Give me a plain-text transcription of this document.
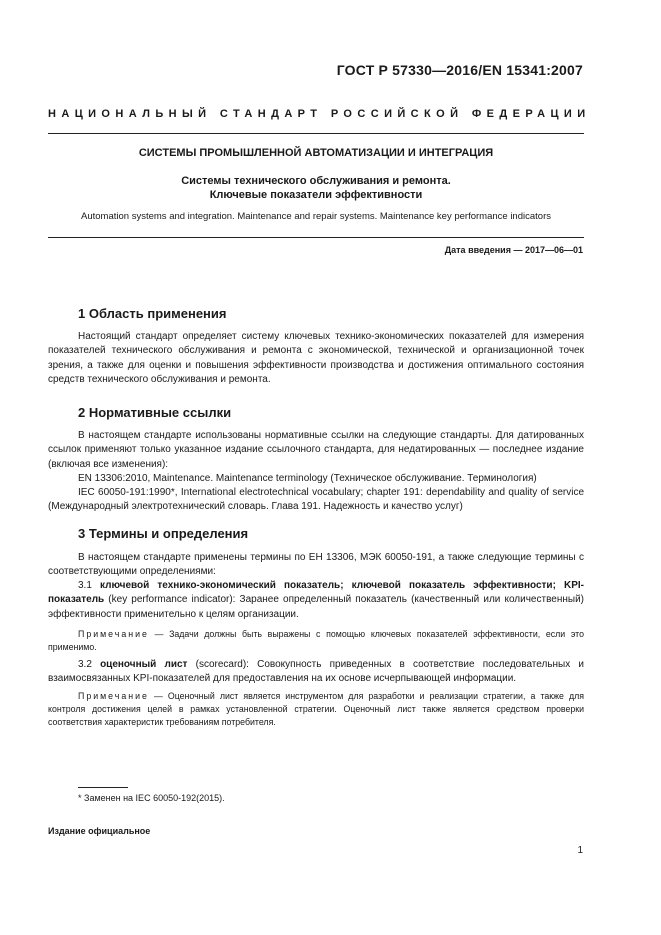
ГОСТ Р 57330—2016/EN 15341:2007
НАЦИОНАЛЬНЫЙ СТАНДАРТ РОССИЙСКОЙ ФЕДЕРАЦИИ
СИСТЕМЫ ПРОМЫШЛЕННОЙ АВТОМАТИЗАЦИИ И ИНТЕГРАЦИЯ
Системы технического обслуживания и ремонта.
Ключевые показатели эффективности
Automation systems and integration. Maintenance and repair systems. Maintenance key performance indicators
Дата введения — 2017—06—01
1 Область применения

Настоящий стандарт определяет систему ключевых технико-экономических показателей для измерения показателей технического обслуживания и ремонта с экономической, технической и организационной точек зрения, а также для оценки и повышения эффективности производства и достижения оптимального состояния средств технического обслуживания и ремонта.

2 Нормативные ссылки

В настоящем стандарте использованы нормативные ссылки на следующие стандарты. Для датированных ссылок применяют только указанное издание ссылочного стандарта, для недатированных — последнее издание (включая все изменения):

EN 13306:2010, Maintenance. Maintenance terminology (Техническое обслуживание. Терминология)

IEC 60050-191:1990*, International electrotechnical vocabulary; chapter 191: dependability and quality of service (Международный электротехнический словарь. Глава 191. Надежность и качество услуг)

3 Термины и определения

В настоящем стандарте применены термины по ЕН 13306, МЭК 60050-191, а также следующие термины с соответствующими определениями:

3.1 ключевой технико-экономический показатель; ключевой показатель эффективности; KPI-показатель (key performance indicator): Заранее определенный показатель (качественный или количественный) эффективности применительно к целям организации.

Примечание — Задачи должны быть выражены с помощью ключевых показателей эффективности, если это применимо.

3.2 оценочный лист (scorecard): Совокупность приведенных в соответствие последовательных и взаимосвязанных KPI-показателей для предоставления на их основе исчерпывающей информации.

Примечание — Оценочный лист является инструментом для разработки и реализации стратегии, а также для контроля достижения целей в рамках установленной стратегии. Оценочный лист также является средством проверки соответствия характеристик требованиям потребителя.

* Заменен на IEC 60050-192(2015).
Издание официальное
1
